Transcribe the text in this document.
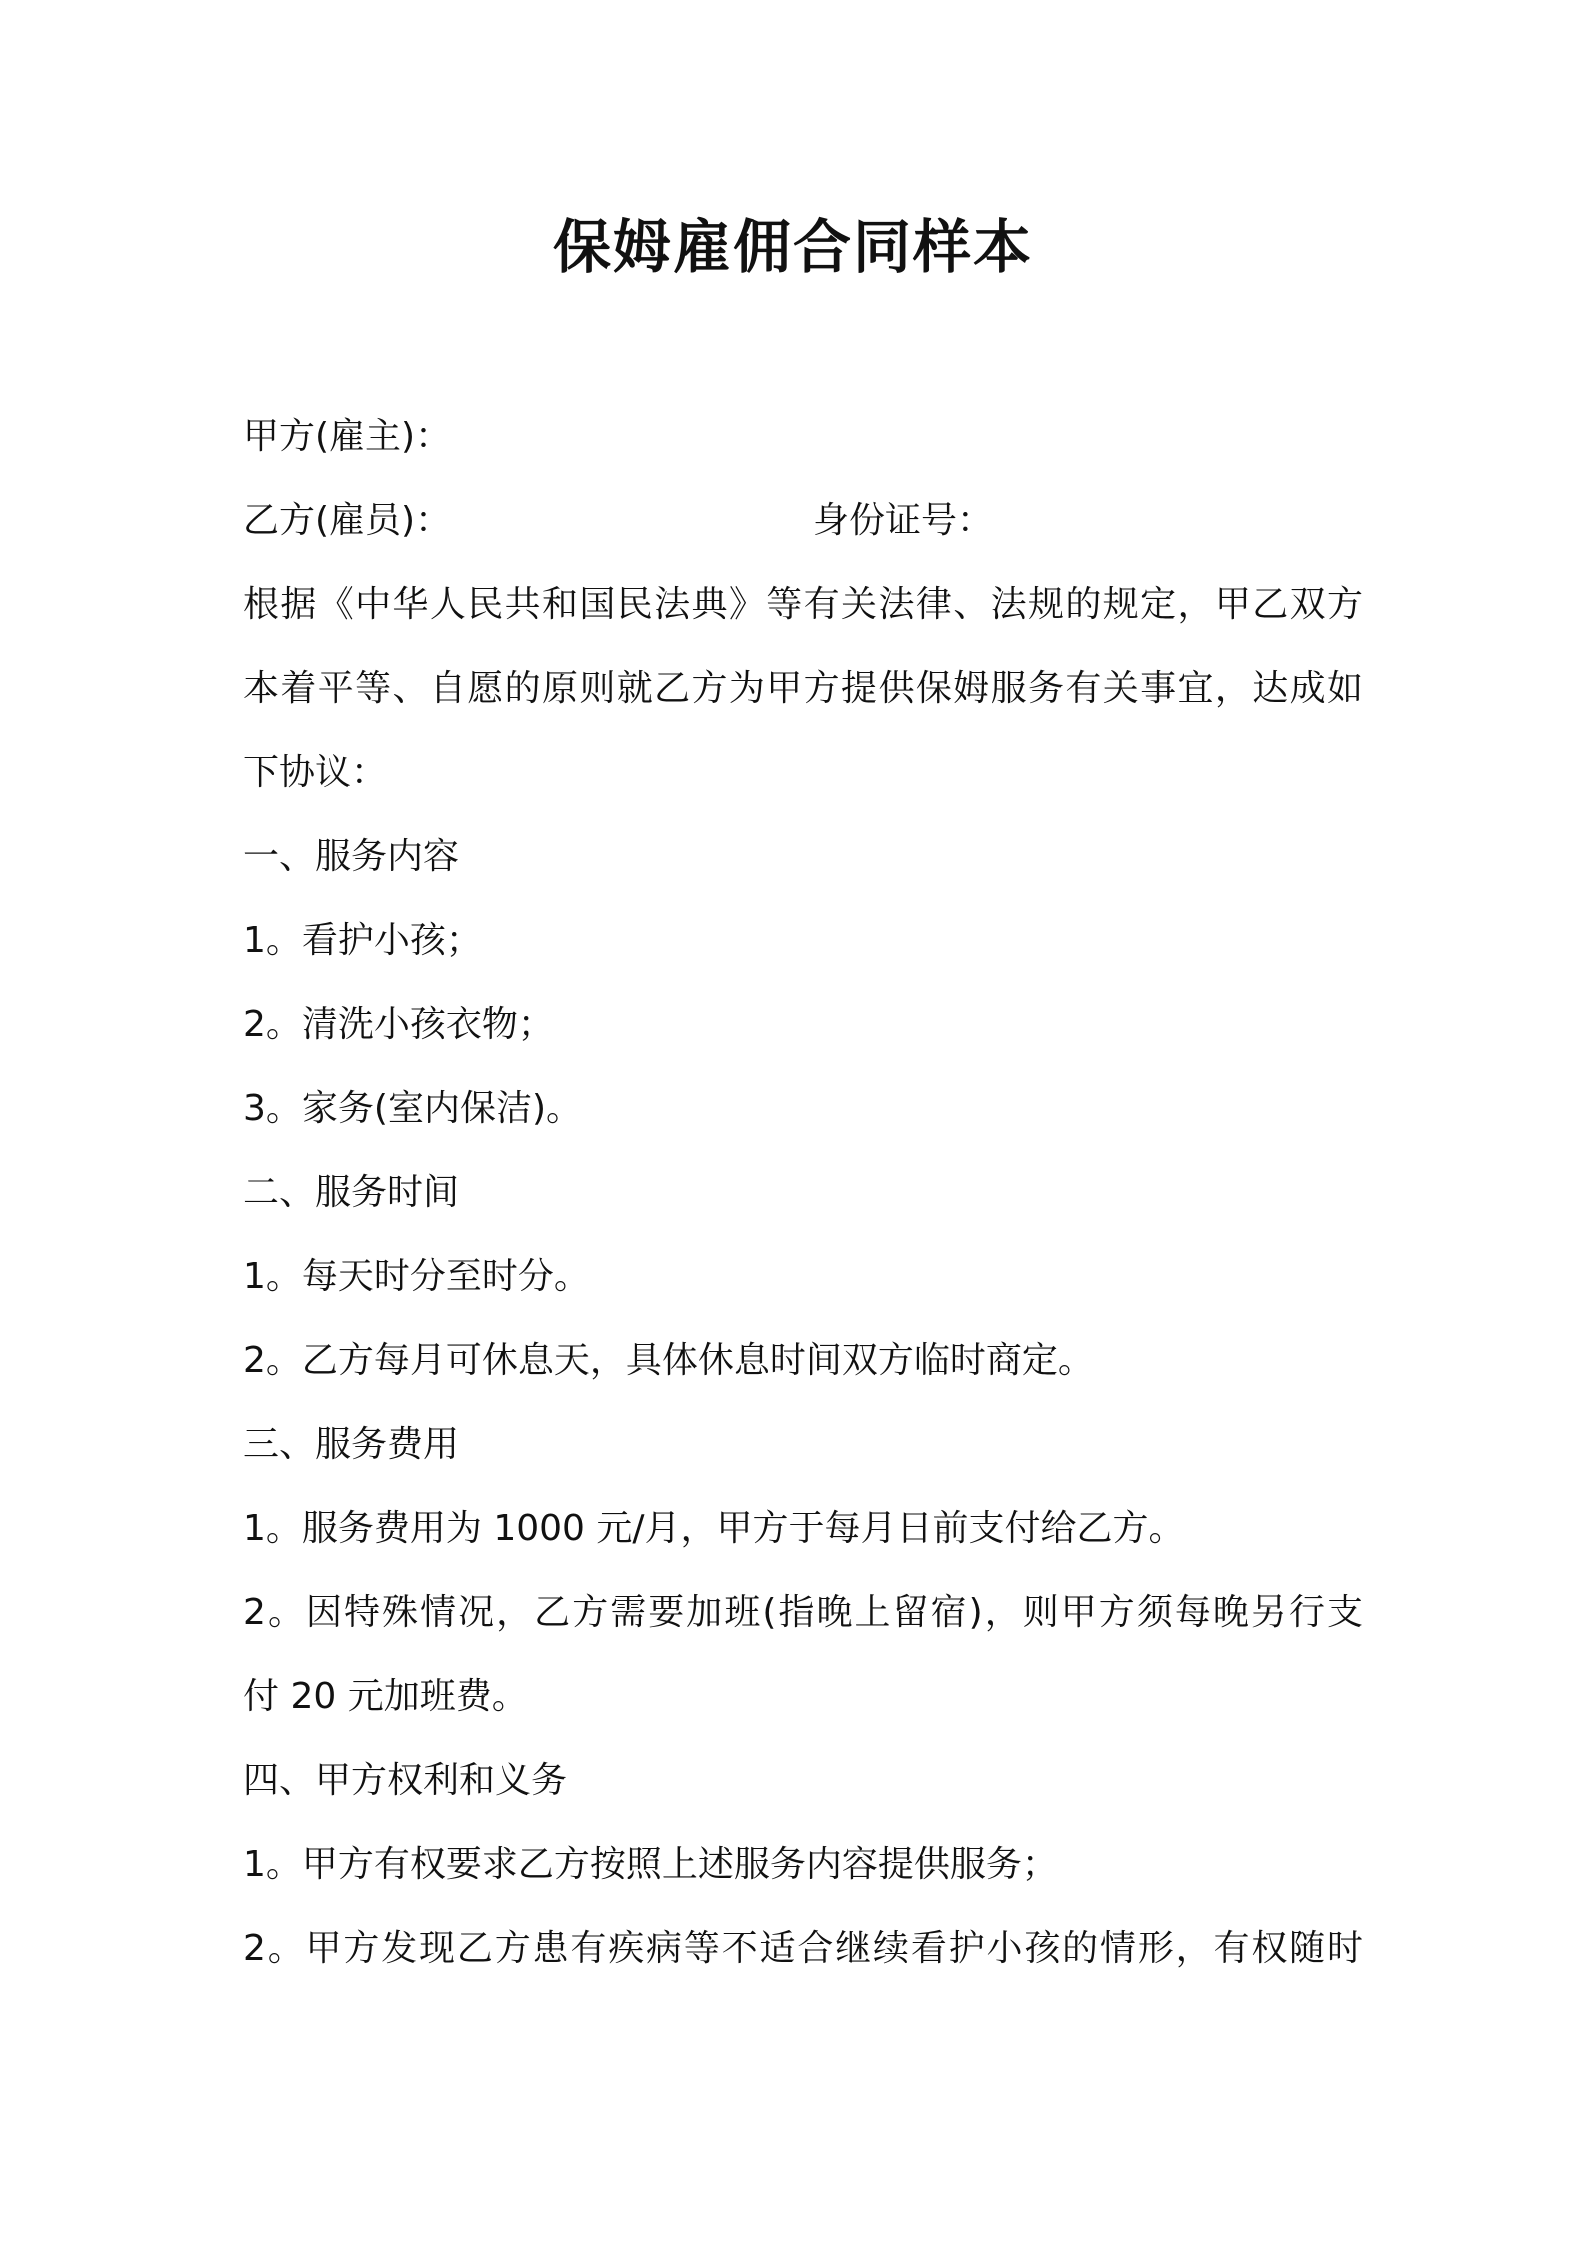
保姆雇佣合同样本
甲方(雇主)：
乙方(雇员)：	身份证号：
根据《中华人民共和国民法典》等有关法律、法规的规定，甲乙双方
本着平等、自愿的原则就乙方为甲方提供保姆服务有关事宜，达成如
下协议：
一、服务内容
1。看护小孩；
2。清洗小孩衣物；
3。家务(室内保洁)。
二、服务时间
1。每天时分至时分。
2。乙方每月可休息天，具体休息时间双方临时商定。
三、服务费用
1。服务费用为 1000 元/月，甲方于每月日前支付给乙方。
2。因特殊情况，乙方需要加班(指晚上留宿)，则甲方须每晚另行支
付 20 元加班费。
四、甲方权利和义务
1。甲方有权要求乙方按照上述服务内容提供服务；
2。甲方发现乙方患有疾病等不适合继续看护小孩的情形，有权随时
